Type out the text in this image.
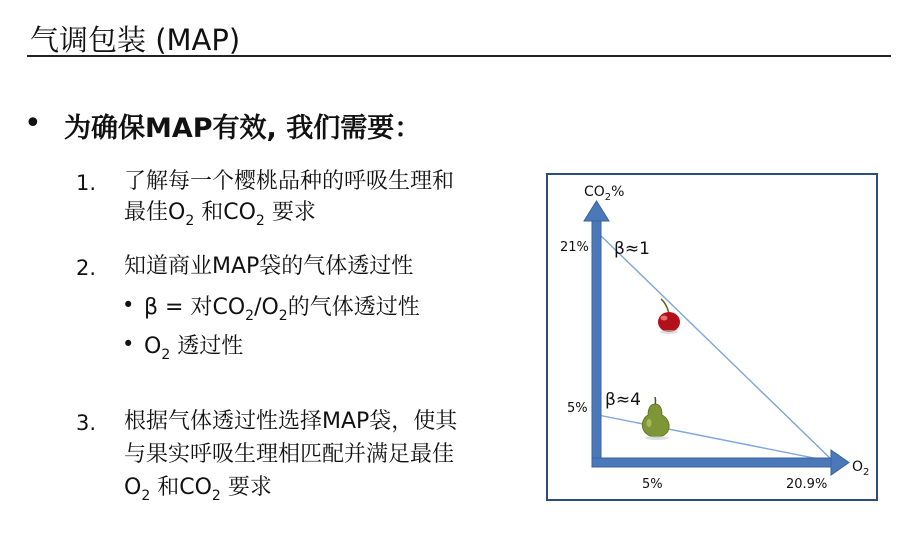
气调包装 (MAP)
• 为确保MAP有效, 我们需要：
1. 了解每一个樱桃品种的呼吸生理和
最佳$O_2$ 和$CO_2$ 要求
2. 知道商业MAP袋的气体透过性
• β = 对$CO_2/O_2$的气体透过性
• $O_2$ 透过性
3. 根据气体透过性选择MAP袋，使其
与果实呼吸生理相匹配并满足最佳
$O_2$ 和$CO_2$ 要求
$CO_2\%$
$O_2$
21%
5%
5%	20.9%
β≈1
β≈4
